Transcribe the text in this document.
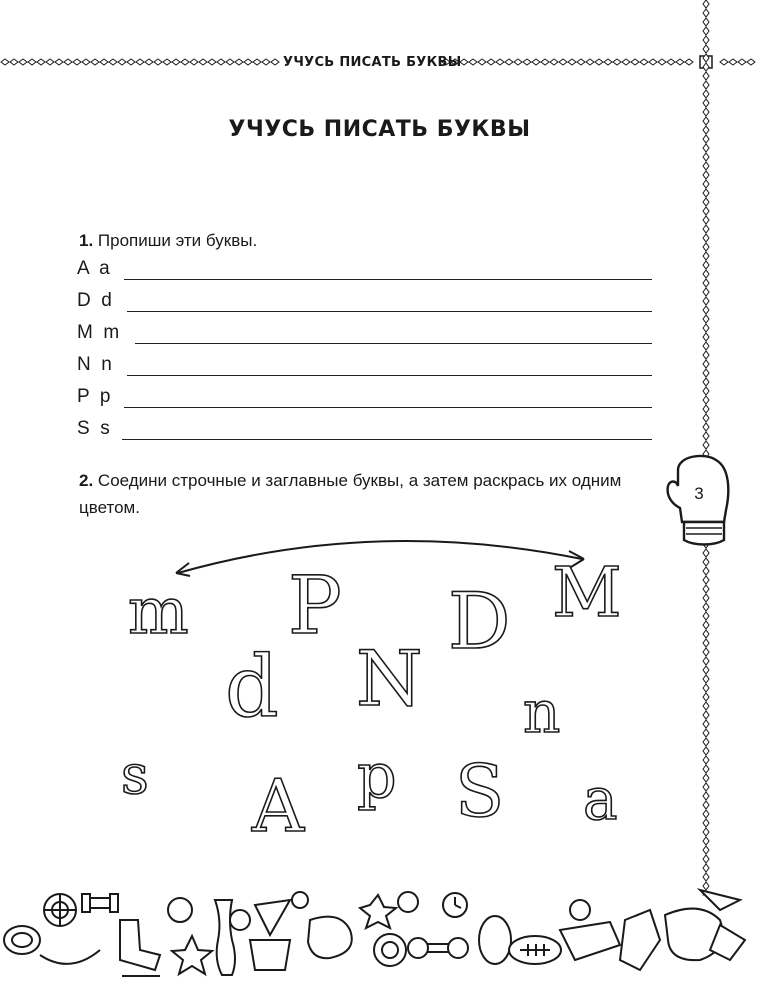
УЧУСЬ ПИСАТЬ БУКВЫ
УЧУСЬ ПИСАТЬ БУКВЫ
1. Пропиши эти буквы.
A  a
D  d
M  m
N  n
P  p
S  s
2. Соедини строчные и заглавные буквы, а затем раскрась их одним цветом.
3
m P D M
d N n
s A p S a
